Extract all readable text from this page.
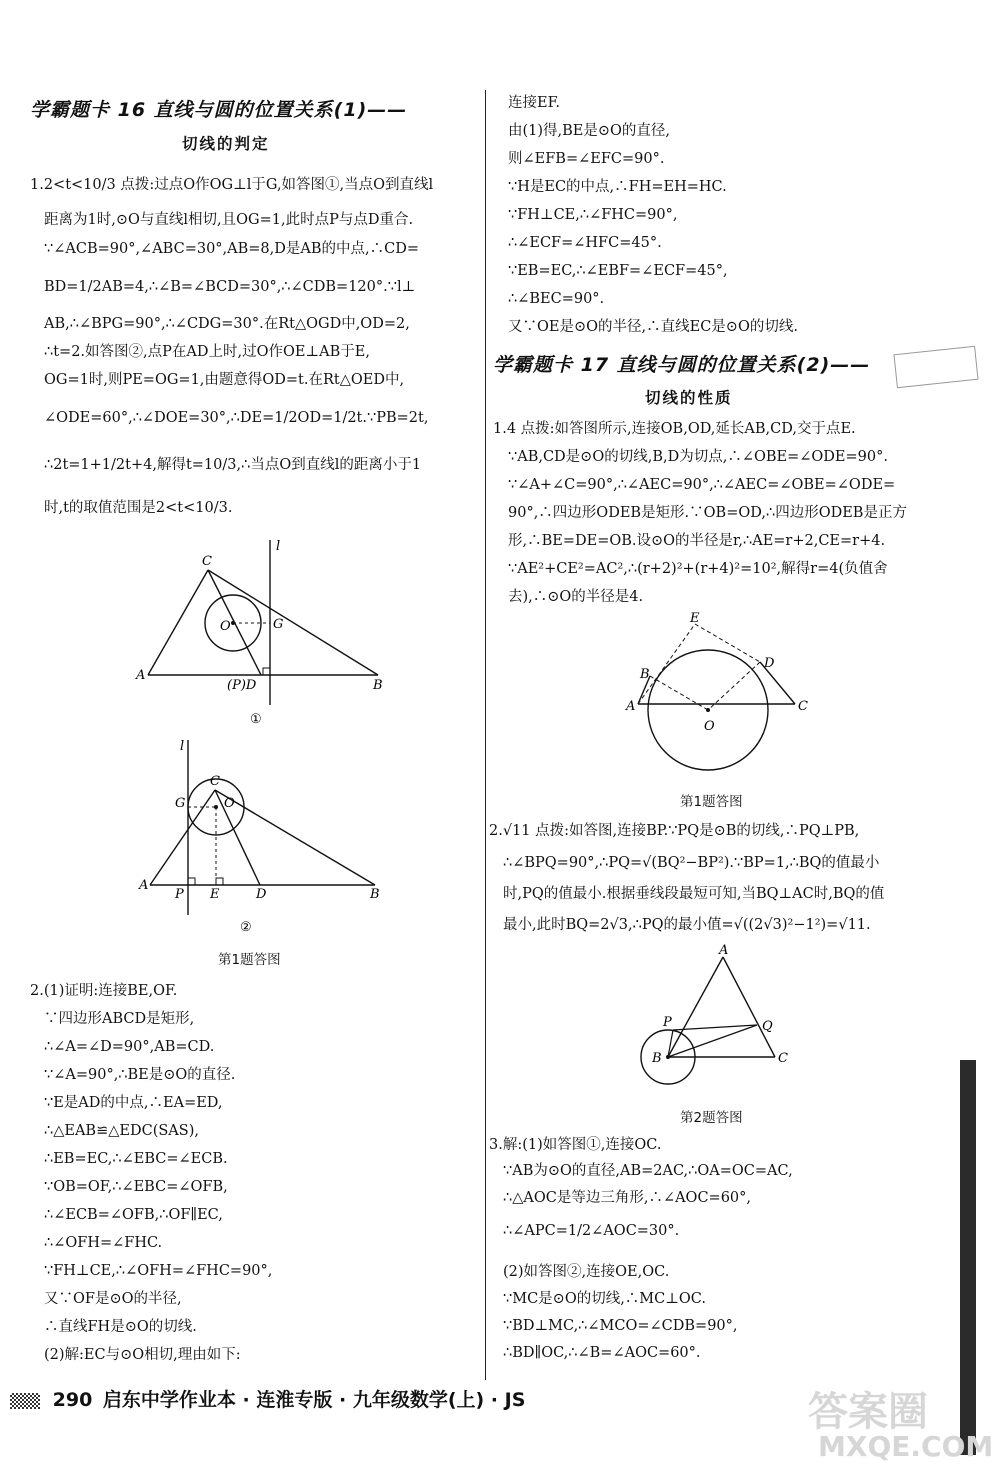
学霸题卡 16 直线与圆的位置关系(1)——
切线的判定
1.2<t<10/3 点拨:过点O作OG⊥l于G,如答图①,当点O到直线l
距离为1时,⊙O与直线l相切,且OG=1,此时点P与点D重合.
∵∠ACB=90°,∠ABC=30°,AB=8,D是AB的中点,∴CD=
BD=1/2AB=4,∴∠B=∠BCD=30°,∴∠CDB=120°.∵l⊥
AB,∴∠BPG=90°,∴∠CDG=30°.在Rt△OGD中,OD=2,
∴t=2.如答图②,点P在AD上时,过O作OE⊥AB于E,
OG=1时,则PE=OG=1,由题意得OD=t.在Rt△OED中,
∠ODE=60°,∴∠DOE=30°,∴DE=1/2OD=1/2t.∵PB=2t,
∴2t=1+1/2t+4,解得t=10/3,∴当点O到直线l的距离小于1
时,t的取值范围是2<t<10/3.
C
O	G
A
(P)D	B
l
①
l
C
G	O
A
P E	D	B
②
第1题答图
2.(1)证明:连接BE,OF.
∵四边形ABCD是矩形,
∴∠A=∠D=90°,AB=CD.
∵∠A=90°,∴BE是⊙O的直径.
∵E是AD的中点,∴EA=ED,
∴△EAB≌△EDC(SAS),
∴EB=EC,∴∠EBC=∠ECB.
∵OB=OF,∴∠EBC=∠OFB,
∴∠ECB=∠OFB,∴OF∥EC,
∴∠OFH=∠FHC.
∵FH⊥CE,∴∠OFH=∠FHC=90°,
又∵OF是⊙O的半径,
∴直线FH是⊙O的切线.
(2)解:EC与⊙O相切,理由如下:
连接EF.
由(1)得,BE是⊙O的直径,
则∠EFB=∠EFC=90°.
∵H是EC的中点,∴FH=EH=HC.
∵FH⊥CE,∴∠FHC=90°,
∴∠ECF=∠HFC=45°.
∵EB=EC,∴∠EBF=∠ECF=45°,
∴∠BEC=90°.
又∵OE是⊙O的半径,∴直线EC是⊙O的切线.
学霸题卡 17 直线与圆的位置关系(2)——
切线的性质
1.4 点拨:如答图所示,连接OB,OD,延长AB,CD,交于点E.
∵AB,CD是⊙O的切线,B,D为切点,∴∠OBE=∠ODE=90°.
∵∠A+∠C=90°,∴∠AEC=90°,∴∠AEC=∠OBE=∠ODE=
90°,∴四边形ODEB是矩形.∵OB=OD,∴四边形ODEB是正方
形,∴BE=DE=OB.设⊙O的半径是r,∴AE=r+2,CE=r+4.
∵AE²+CE²=AC²,∴(r+2)²+(r+4)²=10²,解得r=4(负值舍
去),∴⊙O的半径是4.
E
D
B
A
O
C
第1题答图
2.√11 点拨:如答图,连接BP.∵PQ是⊙B的切线,∴PQ⊥PB,
∴∠BPQ=90°,∴PQ=√(BQ²−BP²).∵BP=1,∴BQ的值最小
时,PQ的值最小.根据垂线段最短可知,当BQ⊥AC时,BQ的值
最小,此时BQ=2√3,∴PQ的最小值=√((2√3)²−1²)=√11.
A
P	Q
B	C
第2题答图
3.解:(1)如答图①,连接OC.
∵AB为⊙O的直径,AB=2AC,∴OA=OC=AC,
∴△AOC是等边三角形,∴∠AOC=60°,
∴∠APC=1/2∠AOC=30°.
(2)如答图②,连接OE,OC.
∵MC是⊙O的切线,∴MC⊥OC.
∵BD⊥MC,∴∠MCO=∠CDB=90°,
∴BD∥OC,∴∠B=∠AOC=60°.
290 启东中学作业本 · 连淮专版 · 九年级数学(上) · JS	答案圈
MXQE.COM
